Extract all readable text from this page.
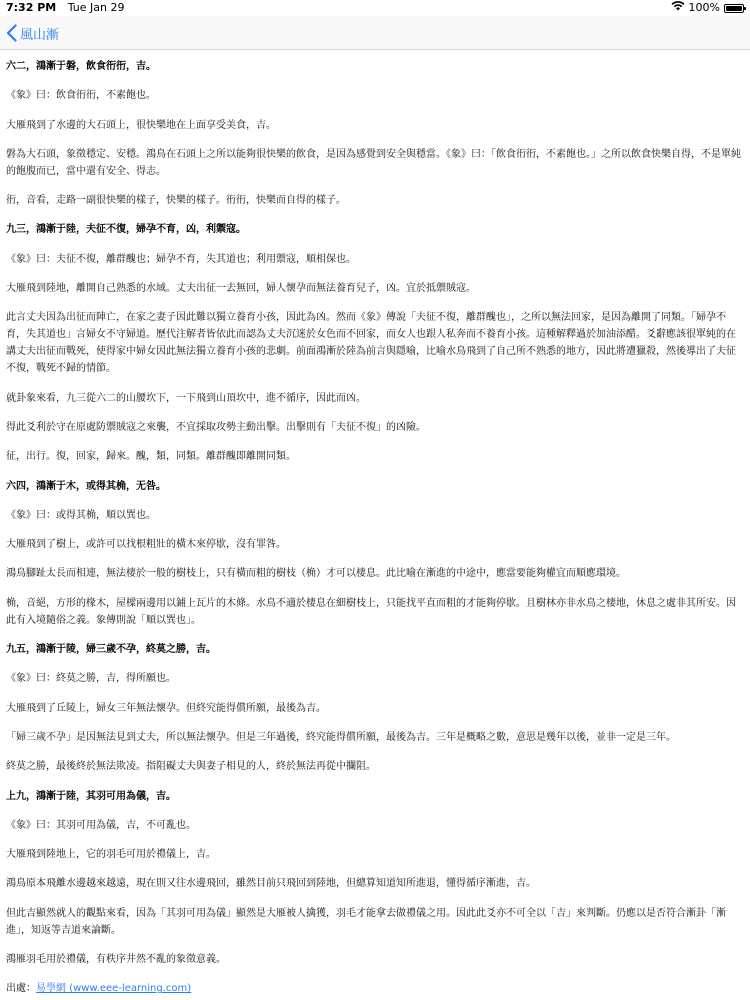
7:32 PM Tue Jan 29	100%
風山漸

六二，鴻漸于磐，飲食衎衎，吉。

《象》曰：飲食衎衎，不素飽也。

大雁飛到了水邊的大石頭上，很快樂地在上面享受美食，吉。

磐為大石頭，象徵穩定、安穩。鴻鳥在石頭上之所以能夠很快樂的飲食，是因為感覺到安全與穩當。《象》曰：「飲食衎衎，不素飽也。」之所以飲食快樂自得，不是單純的飽腹而已，當中還有安全、得志。

衎，音看，走路一副很快樂的樣子，快樂的樣子。衎衎，快樂而自得的樣子。

九三，鴻漸于陸，夫征不復，婦孕不育，凶，利禦寇。

《象》曰：夫征不復，離群醜也；婦孕不育，失其道也；利用禦寇，順相保也。

大雁飛到陸地，離開自己熟悉的水域。丈夫出征一去無回，婦人懷孕而無法養育兒子，凶。宜於抵禦賊寇。

此言丈夫因為出征而陣亡，在家之妻子因此難以獨立養育小孩，因此為凶。然而《象》傳說「夫征不復，離群醜也」，之所以無法回家，是因為離開了同類。「婦孕不育，失其道也」言婦女不守婦道。歷代注解者皆依此而認為丈夫沉迷於女色而不回家，而女人也跟人私奔而不養育小孩。這種解釋過於加油添醋。爻辭應該很單純的在講丈夫出征而戰死，使得家中婦女因此無法獨立養育小孩的悲劇。前面鴻漸於陸為前言與隱喻，比喻水鳥飛到了自己所不熟悉的地方，因此將遭獵殺，然後導出了夫征不復，戰死不歸的情節。

就卦象來看，九三從六二的山腰坎下，一下飛到山頂坎中，進不循序，因此而凶。

得此爻利於守在原處防禦賊寇之來襲，不宜採取攻勢主動出擊。出擊則有「夫征不復」的凶險。

征，出行。復，回家，歸來。醜，類，同類。離群醜即離開同類。

六四，鴻漸于木，或得其桷，无咎。

《象》曰：或得其桷，順以巽也。

大雁飛到了樹上，或許可以找根粗壯的橫木來停歇，沒有罪咎。

鴻鳥腳趾太長而相連，無法棲於一般的樹枝上，只有橫而粗的樹枝（桷）才可以棲息。此比喻在漸進的中途中，應當要能夠權宜而順應環境。

桷，音絕，方形的椽木，屋樑兩邊用以鋪上瓦片的木條。水鳥不適於棲息在細樹枝上，只能找平直而粗的才能夠停歇。且樹林亦非水鳥之棲地，休息之處非其所安。因此有入境隨俗之義。象傳則說「順以巽也」。

九五，鴻漸于陵，婦三歲不孕，終莫之勝，吉。

《象》曰：終莫之勝，吉，得所願也。

大雁飛到了丘陵上，婦女三年無法懷孕。但終究能得償所願，最後為吉。

「婦三歲不孕」是因無法見到丈夫，所以無法懷孕。但是三年過後，終究能得償所願，最後為吉。三年是概略之數，意思是幾年以後，並非一定是三年。

終莫之勝，最後終於無法欺凌。指阻礙丈夫與妻子相見的人，終於無法再從中攔阻。

上九，鴻漸于陸，其羽可用為儀，吉。

《象》曰：其羽可用為儀，吉，不可亂也。

大雁飛到陸地上，它的羽毛可用於禮儀上，吉。

鴻鳥原本飛離水邊越來越遠，現在則又往水邊飛回，雖然目前只飛回到陸地，但總算知道知所進退，懂得循序漸進，吉。

但此吉顯然就人的觀點來看，因為「其羽可用為儀」顯然是大雁被人擒獲，羽毛才能拿去做禮儀之用。因此此爻亦不可全以「吉」來判斷。仍應以是否符合漸卦「漸進」，知返等吉道來論斷。

鴻雁羽毛用於禮儀，有秩序井然不亂的象徵意義。

出處：易學網 (www.eee-learning.com)
